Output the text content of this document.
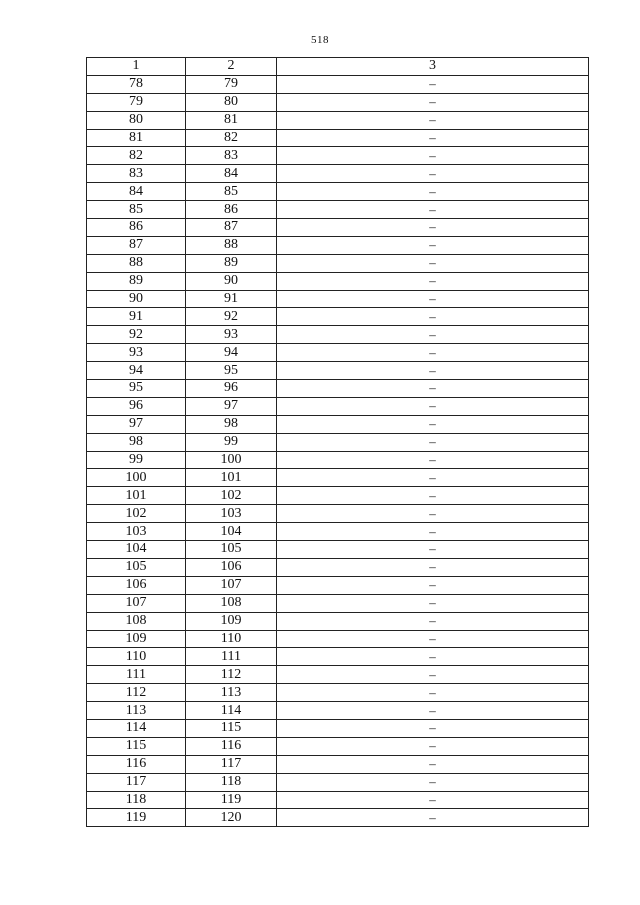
518
1	2	3
78	79	–
79	80	–
80	81	–
81	82	–
82	83	–
83	84	–
84	85	–
85	86	–
86	87	–
87	88	–
88	89	–
89	90	–
90	91	–
91	92	–
92	93	–
93	94	–
94	95	–
95	96	–
96	97	–
97	98	–
98	99	–
99	100	–
100	101	–
101	102	–
102	103	–
103	104	–
104	105	–
105	106	–
106	107	–
107	108	–
108	109	–
109	110	–
110	111	–
111	112	–
112	113	–
113	114	–
114	115	–
115	116	–
116	117	–
117	118	–
118	119	–
119	120	–
